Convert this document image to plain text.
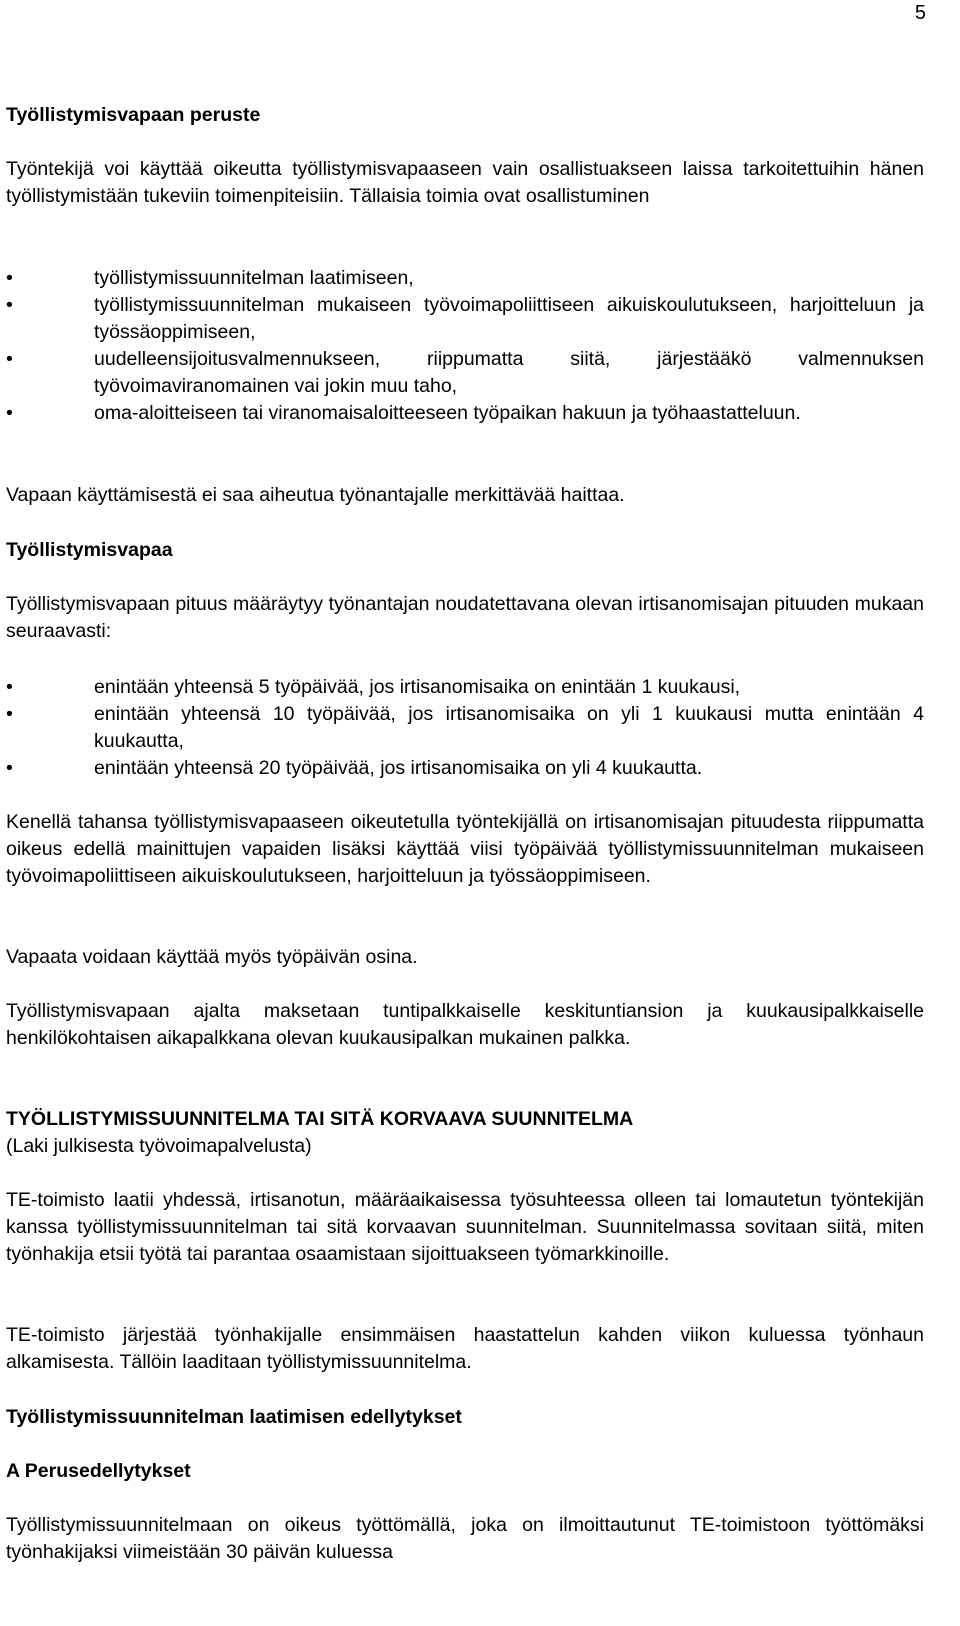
5

Työllistymisvapaan peruste

Työntekijä voi käyttää oikeutta työllistymisvapaaseen vain osallistuakseen laissa tarkoitettuihin hänen työllistymistään tukeviin toimenpiteisiin. Tällaisia toimia ovat osallistuminen

•	työllistymissuunnitelman laatimiseen,
•	työllistymissuunnitelman mukaiseen työvoimapoliittiseen aikuiskoulutukseen, harjoitteluun ja työssäoppimiseen,
•	uudelleensijoitusvalmennukseen, riippumatta siitä, järjestääkö valmennuksen työvoimaviranomainen vai jokin muu taho,
•	oma-aloitteiseen tai viranomaisaloitteeseen työpaikan hakuun ja työhaastatteluun.

Vapaan käyttämisestä ei saa aiheutua työnantajalle merkittävää haittaa.

Työllistymisvapaa

Työllistymisvapaan pituus määräytyy työnantajan noudatettavana olevan irtisanomisajan pituuden mukaan seuraavasti:

•	enintään yhteensä 5 työpäivää, jos irtisanomisaika on enintään 1 kuukausi,
•	enintään yhteensä 10 työpäivää, jos irtisanomisaika on yli 1 kuukausi mutta enintään 4 kuukautta,
•	enintään yhteensä 20 työpäivää, jos irtisanomisaika on yli 4 kuukautta.

Kenellä tahansa työllistymisvapaaseen oikeutetulla työntekijällä on irtisanomisajan pituudesta riippumatta oikeus edellä mainittujen vapaiden lisäksi käyttää viisi työpäivää työllistymissuunnitelman mukaiseen työvoimapoliittiseen aikuiskoulutukseen, harjoitteluun ja työssäoppimiseen.

Vapaata voidaan käyttää myös työpäivän osina.

Työllistymisvapaan ajalta maksetaan tuntipalkkaiselle keskituntiansion ja kuukausipalkkaiselle henkilökohtaisen aikapalkkana olevan kuukausipalkan mukainen palkka.

TYÖLLISTYMISSUUNNITELMA TAI SITÄ KORVAAVA SUUNNITELMA

(Laki julkisesta työvoimapalvelusta)

TE-toimisto laatii yhdessä, irtisanotun, määräaikaisessa työsuhteessa olleen tai lomautetun työntekijän kanssa työllistymissuunnitelman tai sitä korvaavan suunnitelman. Suunnitelmassa sovitaan siitä, miten työnhakija etsii työtä tai parantaa osaamistaan sijoittuakseen työmarkkinoille.

TE-toimisto järjestää työnhakijalle ensimmäisen haastattelun kahden viikon kuluessa työnhaun alkamisesta. Tällöin laaditaan työllistymissuunnitelma.

Työllistymissuunnitelman laatimisen edellytykset

A Perusedellytykset

Työllistymissuunnitelmaan on oikeus työttömällä, joka on ilmoittautunut TE-toimistoon työttömäksi työnhakijaksi viimeistään 30 päivän kuluessa
